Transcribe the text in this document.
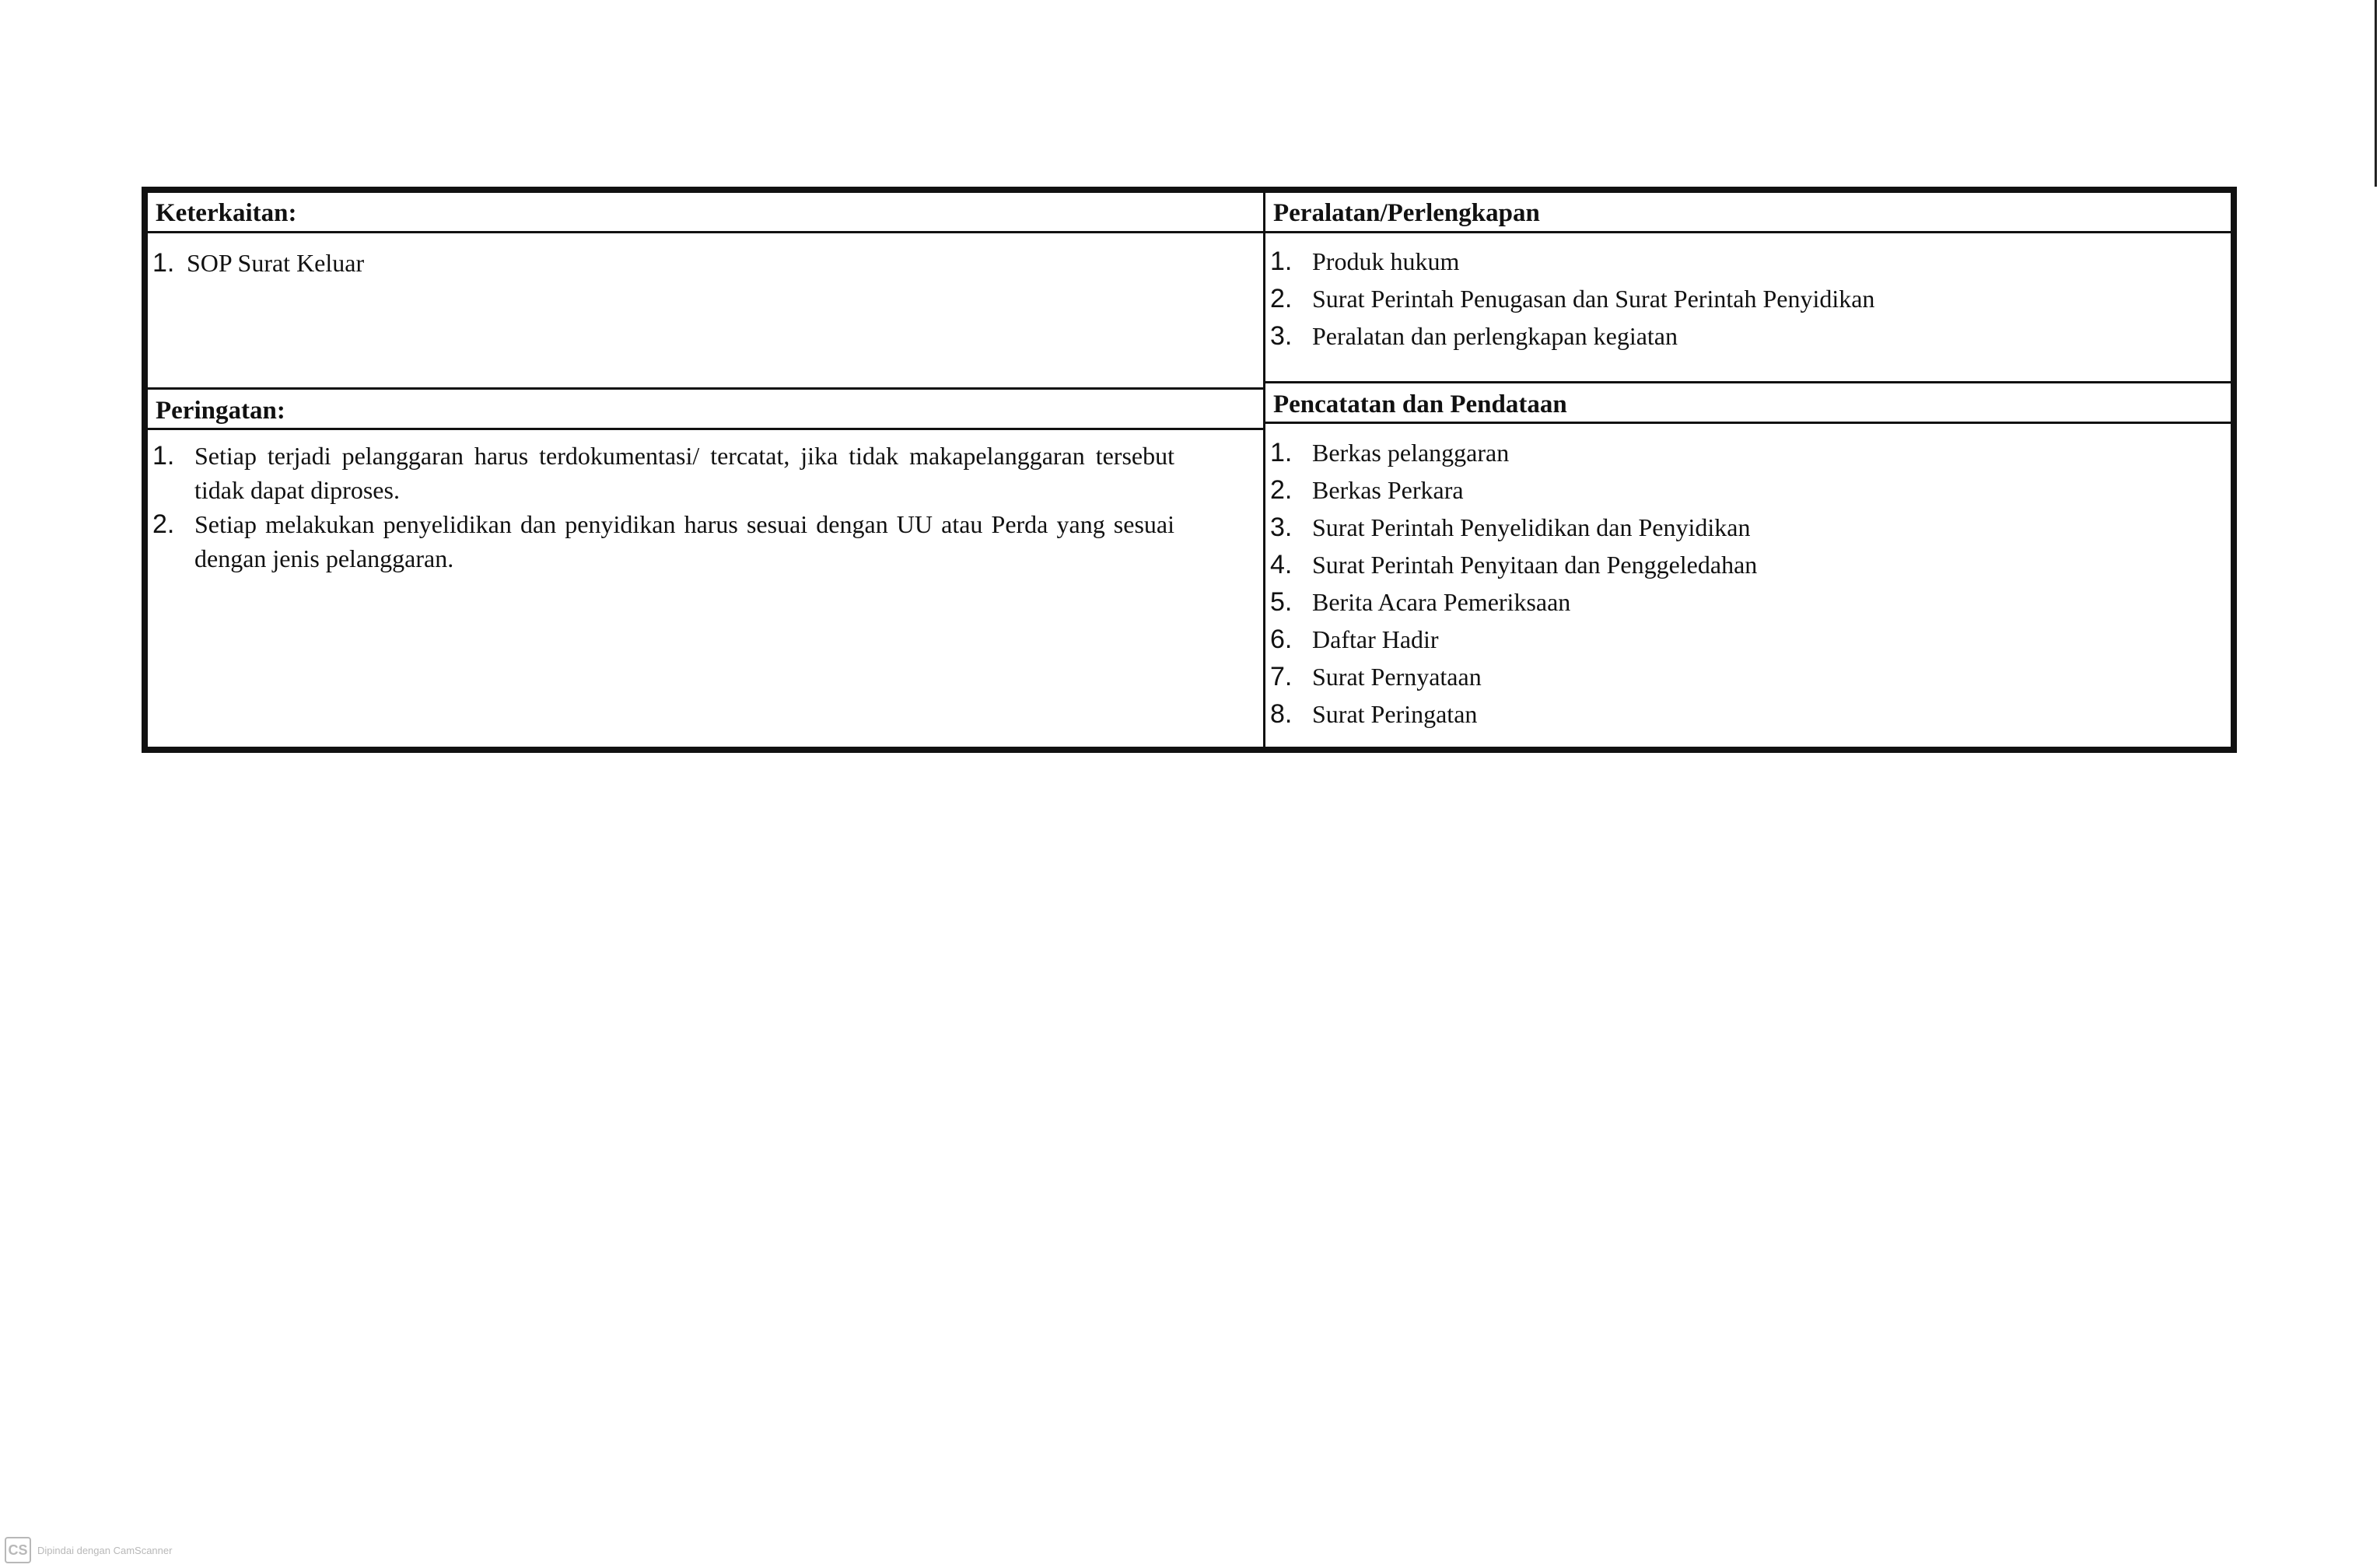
Keterkaitan:
1. SOP Surat Keluar
Peringatan:
1. Setiap terjadi pelanggaran harus terdokumentasi/ tercatat, jika tidak makapelanggaran tersebut tidak dapat diproses.
2. Setiap melakukan penyelidikan dan penyidikan harus sesuai dengan UU atau Perda yang sesuai dengan jenis pelanggaran.
Peralatan/Perlengkapan
1. Produk hukum
2. Surat Perintah Penugasan dan Surat Perintah Penyidikan
3. Peralatan dan perlengkapan kegiatan
Pencatatan dan Pendataan
1. Berkas pelanggaran
2. Berkas Perkara
3. Surat Perintah Penyelidikan dan Penyidikan
4. Surat Perintah Penyitaan dan Penggeledahan
5. Berita Acara Pemeriksaan
6. Daftar Hadir
7. Surat Pernyataan
8. Surat Peringatan
CS Dipindai dengan CamScanner
